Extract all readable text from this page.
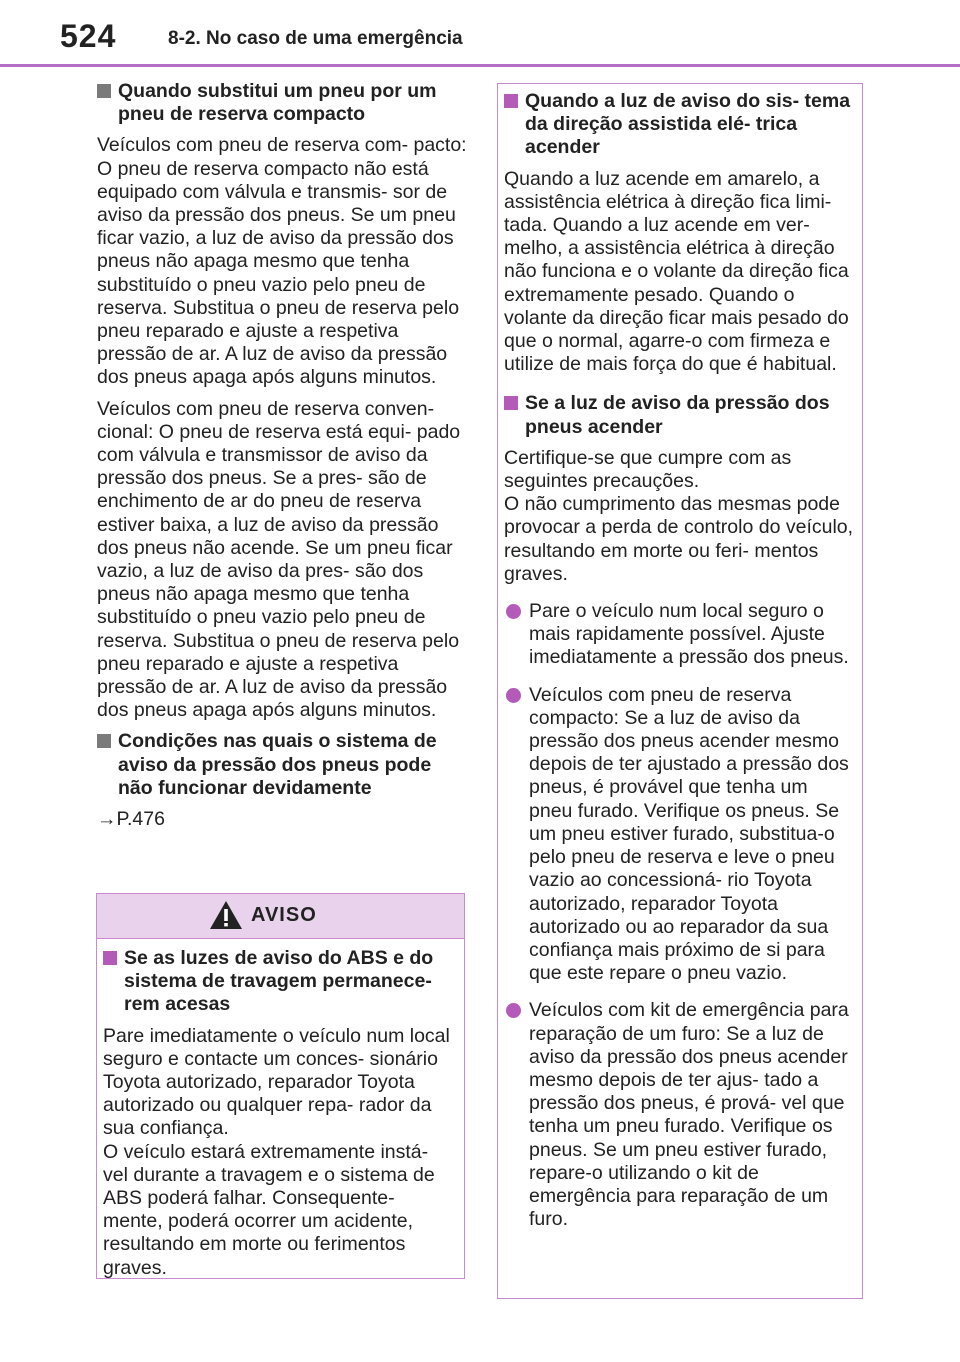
524	8-2. No caso de uma emergência
Quando substitui um pneu por um pneu de reserva compacto

Veículos com pneu de reserva com- pacto: O pneu de reserva compacto não está equipado com válvula e transmis- sor de aviso da pressão dos pneus. Se um pneu ficar vazio, a luz de aviso da pressão dos pneus não apaga mesmo que tenha substituído o pneu vazio pelo pneu de reserva. Substitua o pneu de reserva pelo pneu reparado e ajuste a respetiva pressão de ar. A luz de aviso da pressão dos pneus apaga após alguns minutos.

Veículos com pneu de reserva conven- cional: O pneu de reserva está equi- pado com válvula e transmissor de aviso da pressão dos pneus. Se a pres- são de enchimento de ar do pneu de reserva estiver baixa, a luz de aviso da pressão dos pneus não acende. Se um pneu ficar vazio, a luz de aviso da pres- são dos pneus não apaga mesmo que tenha substituído o pneu vazio pelo pneu de reserva. Substitua o pneu de reserva pelo pneu reparado e ajuste a respetiva pressão de ar. A luz de aviso da pressão dos pneus apaga após alguns minutos.

Condições nas quais o sistema de aviso da pressão dos pneus pode não funcionar devidamente

→P.476

AVISO
Se as luzes de aviso do ABS e do sistema de travagem permanece- rem acesas

Pare imediatamente o veículo num local seguro e contacte um conces- sionário Toyota autorizado, reparador Toyota autorizado ou qualquer repa- rador da sua confiança.

O veículo estará extremamente instá- vel durante a travagem e o sistema de ABS poderá falhar. Consequente- mente, poderá ocorrer um acidente, resultando em morte ou ferimentos graves.

Quando a luz de aviso do sis- tema da direção assistida elé- trica acender

Quando a luz acende em amarelo, a assistência elétrica à direção fica limi- tada. Quando a luz acende em ver- melho, a assistência elétrica à direção não funciona e o volante da direção fica extremamente pesado. Quando o volante da direção ficar mais pesado do que o normal, agarre-o com firmeza e utilize de mais força do que é habitual.

Se a luz de aviso da pressão dos pneus acender

Certifique-se que cumpre com as seguintes precauções.

O não cumprimento das mesmas pode provocar a perda de controlo do veículo, resultando em morte ou feri- mentos graves.

Pare o veículo num local seguro o mais rapidamente possível. Ajuste imediatamente a pressão dos pneus.
Veículos com pneu de reserva compacto: Se a luz de aviso da pressão dos pneus acender mesmo depois de ter ajustado a pressão dos pneus, é provável que tenha um pneu furado. Verifique os pneus. Se um pneu estiver furado, substitua-o pelo pneu de reserva e leve o pneu vazio ao concessioná- rio Toyota autorizado, reparador Toyota autorizado ou ao reparador da sua confiança mais próximo de si para que este repare o pneu vazio.
Veículos com kit de emergência para reparação de um furo: Se a luz de aviso da pressão dos pneus acender mesmo depois de ter ajus- tado a pressão dos pneus, é prová- vel que tenha um pneu furado. Verifique os pneus. Se um pneu estiver furado, repare-o utilizando o kit de emergência para reparação de um furo.
